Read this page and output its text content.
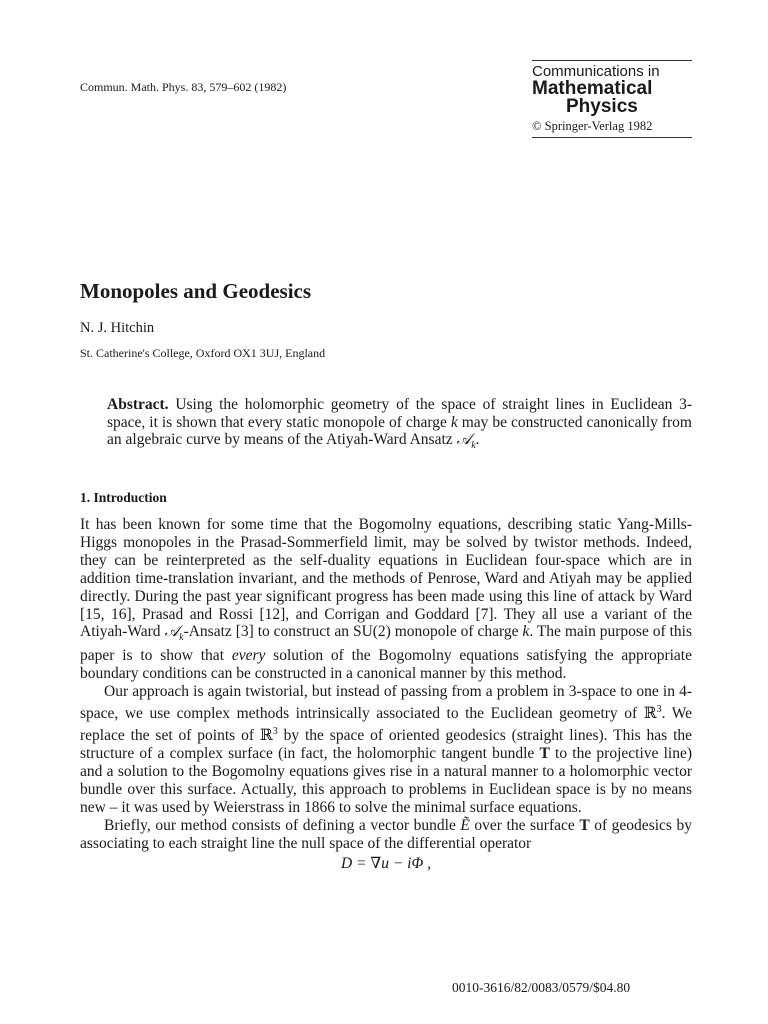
Commun. Math. Phys. 83, 579–602 (1982)
Communications in
Mathematical
Physics
© Springer-Verlag 1982
Monopoles and Geodesics
N. J. Hitchin
St. Catherine's College, Oxford OX1 3UJ, England
Abstract. Using the holomorphic geometry of the space of straight lines in Euclidean 3-space, it is shown that every static monopole of charge k may be constructed canonically from an algebraic curve by means of the Atiyah-Ward Ansatz 𝒜$_k$.
1. Introduction

It has been known for some time that the Bogomolny equations, describing static Yang-Mills-Higgs monopoles in the Prasad-Sommerfield limit, may be solved by twistor methods. Indeed, they can be reinterpreted as the self-duality equations in Euclidean four-space which are in addition time-translation invariant, and the methods of Penrose, Ward and Atiyah may be applied directly. During the past year significant progress has been made using this line of attack by Ward [15, 16], Prasad and Rossi [12], and Corrigan and Goddard [7]. They all use a variant of the Atiyah-Ward 𝒜$_k$-Ansatz [3] to construct an SU(2) monopole of charge k. The main purpose of this paper is to show that every solution of the Bogomolny equations satisfying the appropriate boundary conditions can be constructed in a canonical manner by this method.

Our approach is again twistorial, but instead of passing from a problem in 3-space to one in 4-space, we use complex methods intrinsically associated to the Euclidean geometry of ℝ$^3$. We replace the set of points of ℝ$^3$ by the space of oriented geodesics (straight lines). This has the structure of a complex surface (in fact, the holomorphic tangent bundle T to the projective line) and a solution to the Bogomolny equations gives rise in a natural manner to a holomorphic vector bundle over this surface. Actually, this approach to problems in Euclidean space is by no means new – it was used by Weierstrass in 1866 to solve the minimal surface equations.

Briefly, our method consists of defining a vector bundle Ẽ over the surface T of geodesics by associating to each straight line the null space of the differential operator

D = ∇u − iΦ ,
0010-3616/82/0083/0579/$04.80
